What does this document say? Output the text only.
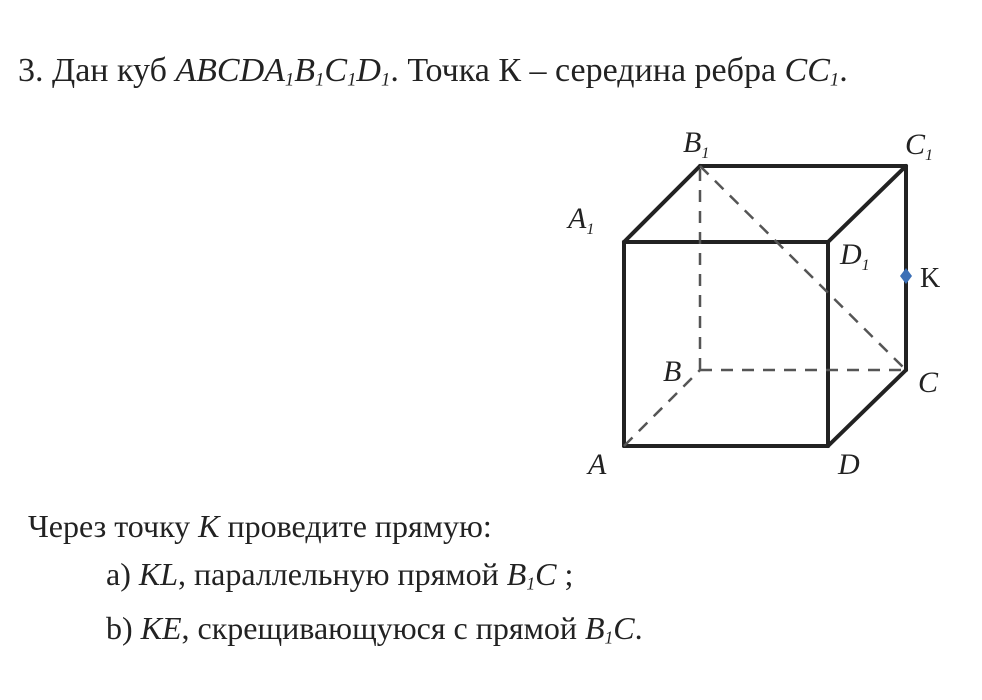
3. Дан куб $ABCDA_1B_1C_1D_1$. Точка К – середина ребра $CC_1$.
A	D
B	C
$A_1$
$B_1$	$C_1$
$D_1$ K
Через точку K проведите прямую:
a) KL, параллельную прямой $B_1C$ ;
b) KE, скрещивающуюся с прямой $B_1C$.
